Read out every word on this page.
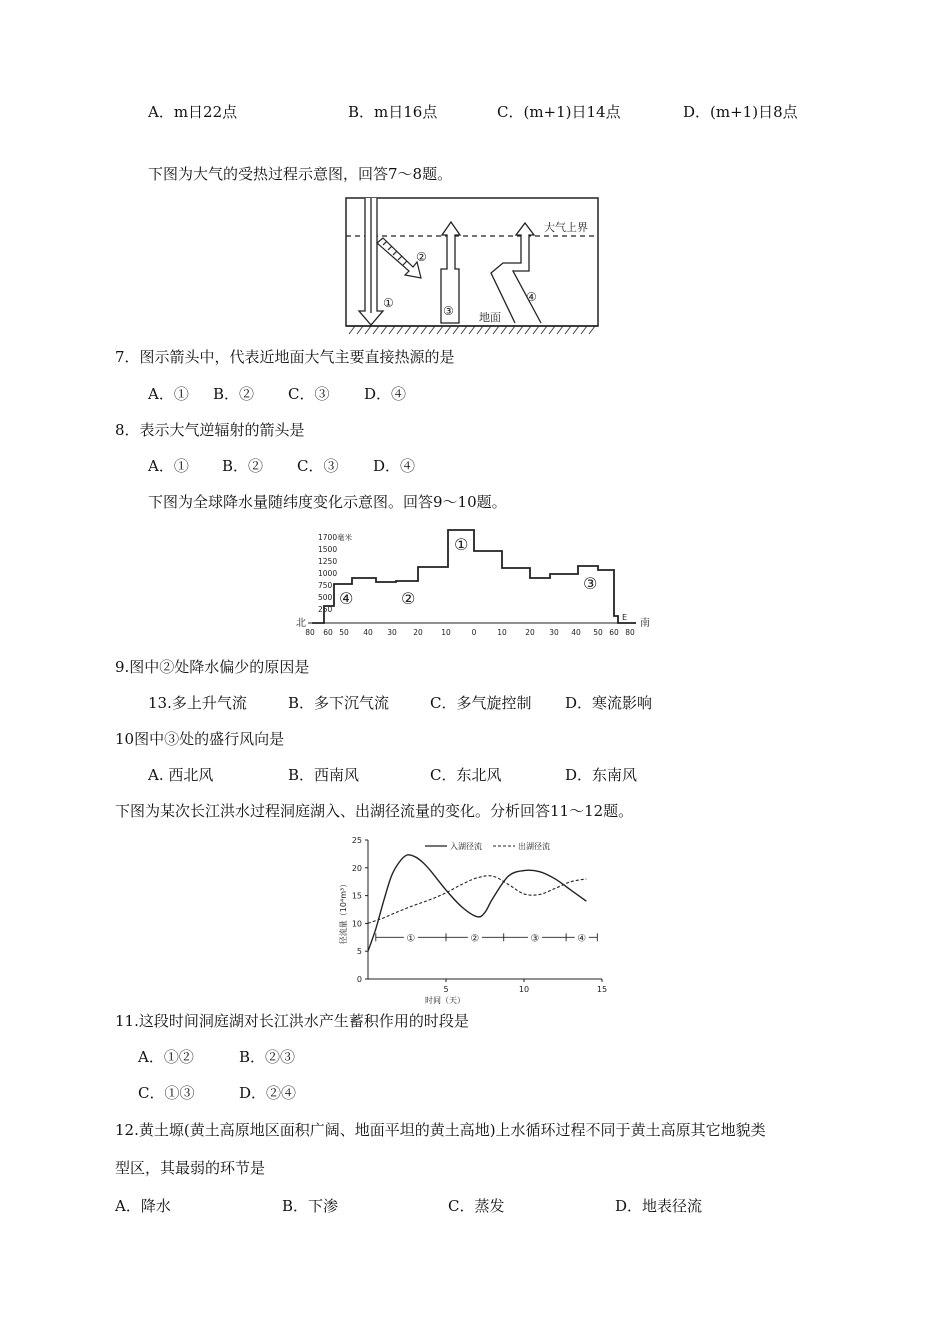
A．m日22点	B．m日16点	C．(m+1)日14点	D．(m+1)日8点
下图为大气的受热过程示意图，回答7～8题。
①
②
③
④
大气上界
地面
7．图示箭头中，代表近地面大气主要直接热源的是
A．① B．② C．③ D．④
8．表示大气逆辐射的箭头是
A．① B．② C．③ D．④
下图为全球降水量随纬度变化示意图。回答9～10题。
1700毫米
1500
1250
1000
750
500
250
①
②
③
④
E
北	南
80 60 50 40 30 20 10	0	10 20 30 40 50 60 80
9.图中②处降水偏少的原因是
13.多上升气流	B．多下沉气流	C．多气旋控制 D．寒流影响
10图中③处的盛行风向是
A. 西北风	B．西南风	C．东北风	D．东南风
下图为某次长江洪水过程洞庭湖入、出湖径流量的变化。分析回答11～12题。
0
5
10
15
20
25
5	10	15
径流量（10⁴m³）
时间（天）
入湖径流	出湖径流
①	②	③	④
11.这段时间洞庭湖对长江洪水产生蓄积作用的时段是
A．①②	B．②③
C．①③	D．②④
12.黄土塬(黄土高原地区面积广阔、地面平坦的黄土高地)上水循环过程不同于黄土高原其它地貌类
型区，其最弱的环节是
A．降水	B．下渗	C．蒸发	D．地表径流
